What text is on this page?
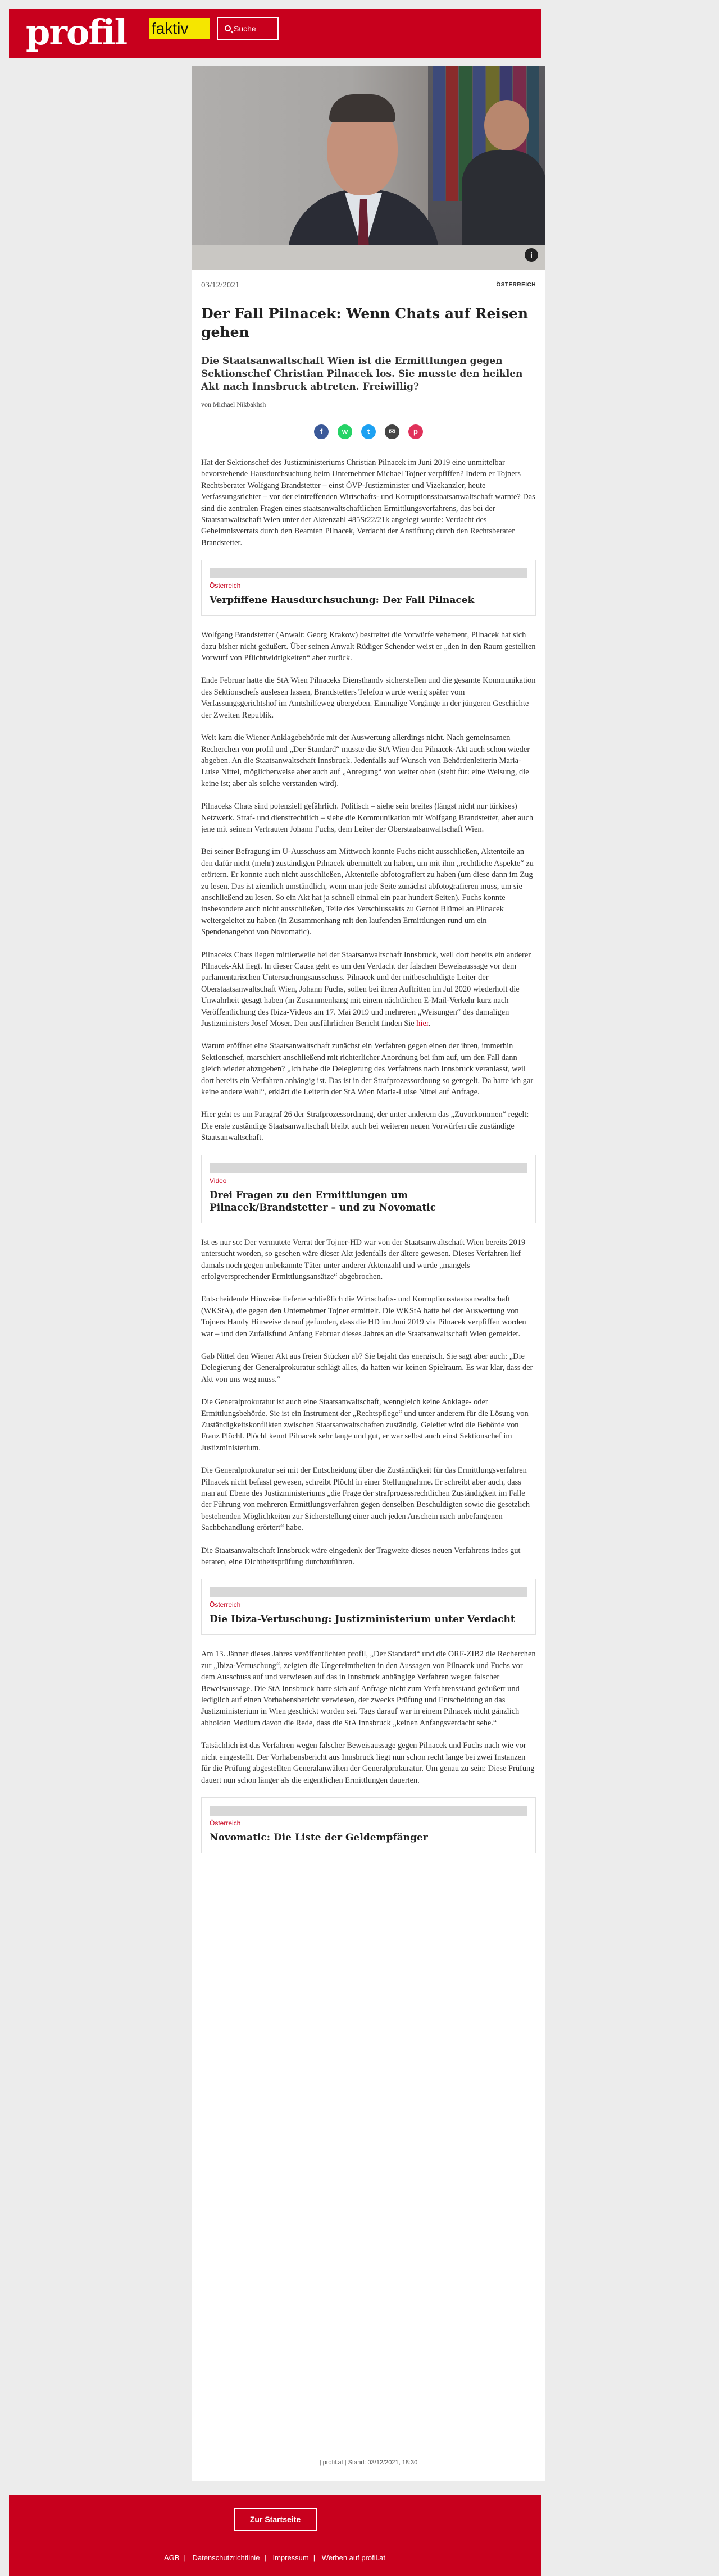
profil faktiv	Suche
i
03/12/2021	ÖSTERREICH
Der Fall Pilnacek: Wenn Chats auf Reisen gehen
Die Staatsanwaltschaft Wien ist die Ermittlungen gegen Sektionschef Christian Pilnacek los. Sie musste den heiklen Akt nach Innsbruck abtreten. Freiwillig?
von Michael Nikbakhsh
f	w	t	✉	p

Hat der Sektionschef des Justizministeriums Christian Pilnacek im Juni 2019 eine unmittelbar bevorstehende Hausdurchsuchung beim Unternehmer Michael Tojner verpfiffen? Indem er Tojners Rechtsberater Wolfgang Brandstetter – einst ÖVP-Justizminister und Vizekanzler, heute Verfassungsrichter – vor der eintreffenden Wirtschafts- und Korruptionsstaatsanwaltschaft warnte? Das sind die zentralen Fragen eines staatsanwaltschaftlichen Ermittlungsverfahrens, das bei der Staatsanwaltschaft Wien unter der Aktenzahl 485St22/21k angelegt wurde: Verdacht des Geheimnisverrats durch den Beamten Pilnacek, Verdacht der Anstiftung durch den Rechtsberater Brandstetter.

Österreich
Verpfiffene Hausdurchsuchung: Der Fall Pilnacek

Wolfgang Brandstetter (Anwalt: Georg Krakow) bestreitet die Vorwürfe vehement, Pilnacek hat sich dazu bisher nicht geäußert. Über seinen Anwalt Rüdiger Schender weist er „den in den Raum gestellten Vorwurf von Pflichtwidrigkeiten“ aber zurück.

Ende Februar hatte die StA Wien Pilnaceks Diensthandy sicherstellen und die gesamte Kommunikation des Sektionschefs auslesen lassen, Brandstetters Telefon wurde wenig später vom Verfassungsgerichtshof im Amtshilfeweg übergeben. Einmalige Vorgänge in der jüngeren Geschichte der Zweiten Republik.

Weit kam die Wiener Anklagebehörde mit der Auswertung allerdings nicht. Nach gemeinsamen Recherchen von profil und „Der Standard“ musste die StA Wien den Pilnacek-Akt auch schon wieder abgeben. An die Staatsanwaltschaft Innsbruck. Jedenfalls auf Wunsch von Behördenleiterin Maria-Luise Nittel, möglicherweise aber auch auf „Anregung“ von weiter oben (steht für: eine Weisung, die keine ist; aber als solche verstanden wird).

Pilnaceks Chats sind potenziell gefährlich. Politisch – siehe sein breites (längst nicht nur türkises) Netzwerk. Straf- und dienstrechtlich – siehe die Kommunikation mit Wolfgang Brandstetter, aber auch jene mit seinem Vertrauten Johann Fuchs, dem Leiter der Oberstaatsanwaltschaft Wien.

Bei seiner Befragung im U-Ausschuss am Mittwoch konnte Fuchs nicht ausschließen, Aktenteile an den dafür nicht (mehr) zuständigen Pilnacek übermittelt zu haben, um mit ihm „rechtliche Aspekte“ zu erörtern. Er konnte auch nicht ausschließen, Aktenteile abfotografiert zu haben (um diese dann im Zug zu lesen. Das ist ziemlich umständlich, wenn man jede Seite zunächst abfotografieren muss, um sie anschließend zu lesen. So ein Akt hat ja schnell einmal ein paar hundert Seiten). Fuchs konnte insbesondere auch nicht ausschließen, Teile des Verschlussakts zu Gernot Blümel an Pilnacek weitergeleitet zu haben (in Zusammenhang mit den laufenden Ermittlungen rund um ein Spendenangebot von Novomatic).

Pilnaceks Chats liegen mittlerweile bei der Staatsanwaltschaft Innsbruck, weil dort bereits ein anderer Pilnacek-Akt liegt. In dieser Causa geht es um den Verdacht der falschen Beweisaussage vor dem parlamentarischen Untersuchungsausschuss. Pilnacek und der mitbeschuldigte Leiter der Oberstaatsanwaltschaft Wien, Johann Fuchs, sollen bei ihren Auftritten im Jul 2020 wiederholt die Unwahrheit gesagt haben (in Zusammenhang mit einem nächtlichen E-Mail-Verkehr kurz nach Veröffentlichung des Ibiza-Videos am 17. Mai 2019 und mehreren „Weisungen“ des damaligen Justizministers Josef Moser. Den ausführlichen Bericht finden Sie hier.

Warum eröffnet eine Staatsanwaltschaft zunächst ein Verfahren gegen einen der ihren, immerhin Sektionschef, marschiert anschließend mit richterlicher Anordnung bei ihm auf, um den Fall dann gleich wieder abzugeben? „Ich habe die Delegierung des Verfahrens nach Innsbruck veranlasst, weil dort bereits ein Verfahren anhängig ist. Das ist in der Strafprozessordnung so geregelt. Da hatte ich gar keine andere Wahl“, erklärt die Leiterin der StA Wien Maria-Luise Nittel auf Anfrage.

Hier geht es um Paragraf 26 der Strafprozessordnung, der unter anderem das „Zuvorkommen“ regelt: Die erste zuständige Staatsanwaltschaft bleibt auch bei weiteren neuen Vorwürfen die zuständige Staatsanwaltschaft.

Video
Drei Fragen zu den Ermittlungen um Pilnacek/Brandstetter – und zu Novomatic

Ist es nur so: Der vermutete Verrat der Tojner-HD war von der Staatsanwaltschaft Wien bereits 2019 untersucht worden, so gesehen wäre dieser Akt jedenfalls der ältere gewesen. Dieses Verfahren lief damals noch gegen unbekannte Täter unter anderer Aktenzahl und wurde „mangels erfolgversprechender Ermittlungsansätze“ abgebrochen.

Entscheidende Hinweise lieferte schließlich die Wirtschafts- und Korruptionsstaatsanwaltschaft (WKStA), die gegen den Unternehmer Tojner ermittelt. Die WKStA hatte bei der Auswertung von Tojners Handy Hinweise darauf gefunden, dass die HD im Juni 2019 via Pilnacek verpfiffen worden war – und den Zufallsfund Anfang Februar dieses Jahres an die Staatsanwaltschaft Wien gemeldet.

Gab Nittel den Wiener Akt aus freien Stücken ab? Sie bejaht das energisch. Sie sagt aber auch: „Die Delegierung der Generalprokuratur schlägt alles, da hatten wir keinen Spielraum. Es war klar, dass der Akt von uns weg muss.“

Die Generalprokuratur ist auch eine Staatsanwaltschaft, wenngleich keine Anklage- oder Ermittlungsbehörde. Sie ist ein Instrument der „Rechtspflege“ und unter anderem für die Lösung von Zuständigkeitskonflikten zwischen Staatsanwaltschaften zuständig. Geleitet wird die Behörde von Franz Plöchl. Plöchl kennt Pilnacek sehr lange und gut, er war selbst auch einst Sektionschef im Justizministerium.

Die Generalprokuratur sei mit der Entscheidung über die Zuständigkeit für das Ermittlungsverfahren Pilnacek nicht befasst gewesen, schreibt Plöchl in einer Stellungnahme. Er schreibt aber auch, dass man auf Ebene des Justizministeriums „die Frage der strafprozessrechtlichen Zuständigkeit im Falle der Führung von mehreren Ermittlungsverfahren gegen denselben Beschuldigten sowie die gesetzlich bestehenden Möglichkeiten zur Sicherstellung einer auch jeden Anschein nach unbefangenen Sachbehandlung erörtert“ habe.

Die Staatsanwaltschaft Innsbruck wäre eingedenk der Tragweite dieses neuen Verfahrens indes gut beraten, eine Dichtheitsprüfung durchzuführen.

Österreich
Die Ibiza-Vertuschung: Justizministerium unter Verdacht

Am 13. Jänner dieses Jahres veröffentlichten profil, „Der Standard“ und die ORF-ZIB2 die Recherchen zur „Ibiza-Vertuschung“, zeigten die Ungereimtheiten in den Aussagen von Pilnacek und Fuchs vor dem Ausschuss auf und verwiesen auf das in Innsbruck anhängige Verfahren wegen falscher Beweisaussage. Die StA Innsbruck hatte sich auf Anfrage nicht zum Verfahrensstand geäußert und lediglich auf einen Vorhabensbericht verwiesen, der zwecks Prüfung und Entscheidung an das Justizministerium in Wien geschickt worden sei. Tags darauf war in einem Pilnacek nicht gänzlich abholden Medium davon die Rede, dass die StA Innsbruck „keinen Anfangsverdacht sehe.“

Tatsächlich ist das Verfahren wegen falscher Beweisaussage gegen Pilnacek und Fuchs nach wie vor nicht eingestellt. Der Vorhabensbericht aus Innsbruck liegt nun schon recht lange bei zwei Instanzen für die Prüfung abgestellten Generalanwälten der Generalprokuratur. Um genau zu sein: Diese Prüfung dauert nun schon länger als die eigentlichen Ermittlungen dauerten.

Österreich
Novomatic: Die Liste der Geldempfänger
| profil.at | Stand: 03/12/2021, 18:30
Zur Startseite
AGB | Datenschutzrichtlinie | Impressum | Werben auf profil.at
